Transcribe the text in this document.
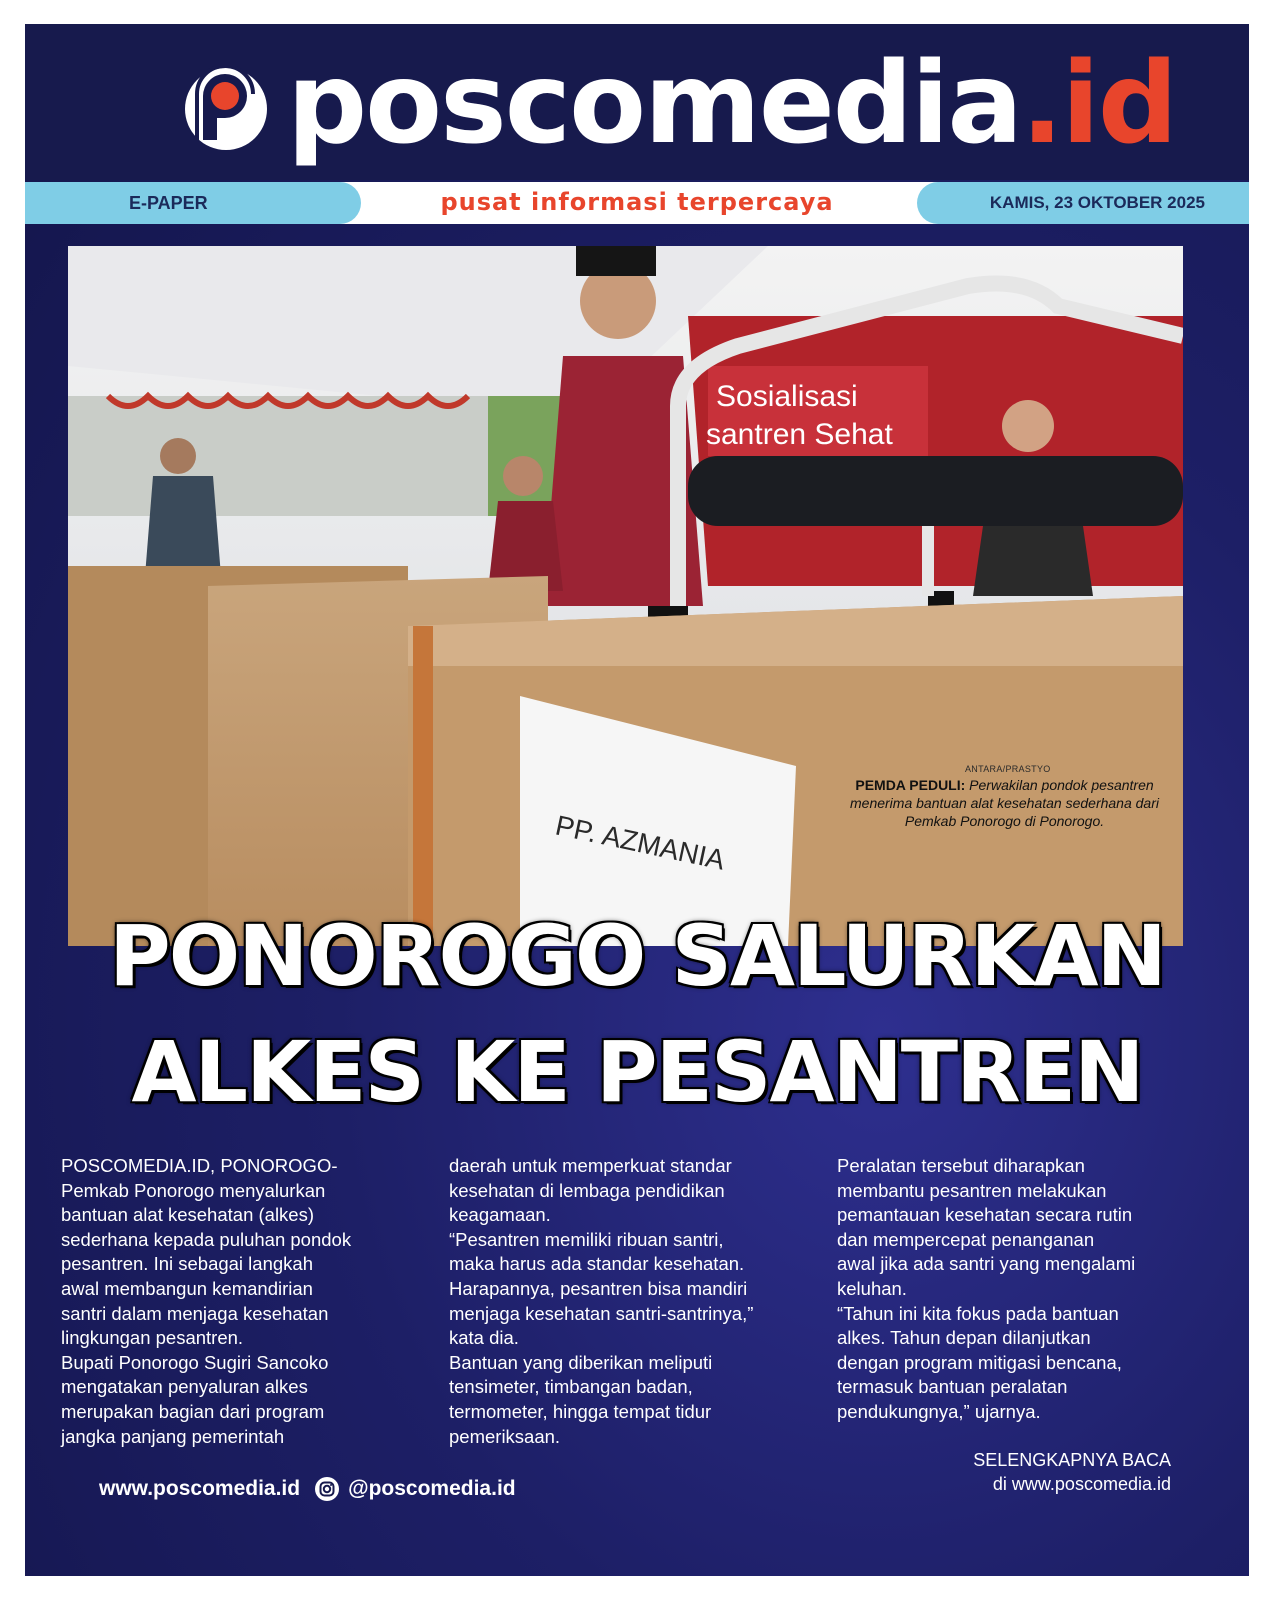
poscomedia.id
E-PAPER	pusat informasi terpercaya	KAMIS, 23 OKTOBER 2025
Sosialisasi
santren Sehat
PP. AZMANIA
ANTARA/PRASTYO
PEMDA PEDULI: Perwakilan pondok pesantren menerima bantuan alat kesehatan sederhana dari Pemkab Ponorogo di Ponorogo.
PONOROGO SALURKAN
ALKES KE PESANTREN

POSCOMEDIA.ID, PONOROGO-

Pemkab Ponorogo menyalurkan

bantuan alat kesehatan (alkes)

sederhana kepada puluhan pondok

pesantren. Ini sebagai langkah

awal membangun kemandirian

santri dalam menjaga kesehatan

lingkungan pesantren.

Bupati Ponorogo Sugiri Sancoko

mengatakan penyaluran alkes

merupakan bagian dari program

jangka panjang pemerintah

daerah untuk memperkuat standar

kesehatan di lembaga pendidikan

keagamaan.

“Pesantren memiliki ribuan santri,

maka harus ada standar kesehatan.

Harapannya, pesantren bisa mandiri

menjaga kesehatan santri-santrinya,”

kata dia.

Bantuan yang diberikan meliputi

tensimeter, timbangan badan,

termometer, hingga tempat tidur

pemeriksaan.

Peralatan tersebut diharapkan

membantu pesantren melakukan

pemantauan kesehatan secara rutin

dan mempercepat penanganan

awal jika ada santri yang mengalami

keluhan.

“Tahun ini kita fokus pada bantuan

alkes. Tahun depan dilanjutkan

dengan program mitigasi bencana,

termasuk bantuan peralatan

pendukungnya,” ujarnya.

SELENGKAPNYA BACA
di www.poscomedia.id
www.poscomedia.id @poscomedia.id
